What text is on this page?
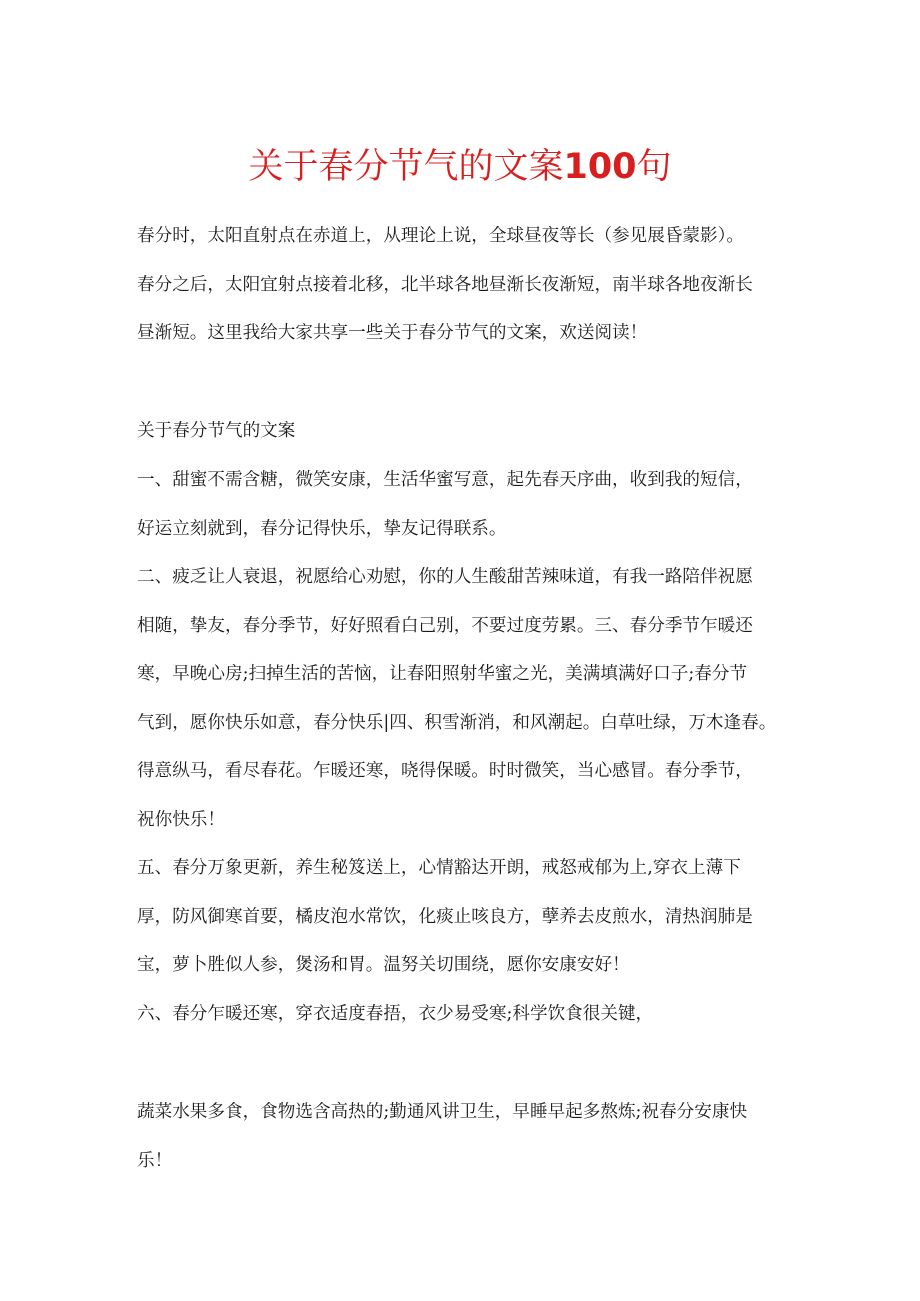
关于春分节气的文案100句
春分时，太阳直射点在赤道上，从理论上说，全球昼夜等长（参见展昏蒙影）。
春分之后，太阳宜射点接着北移，北半球各地昼渐长夜渐短，南半球各地夜渐长
昼渐短。这里我给大家共享一些关于春分节气的文案，欢送阅读！
关于春分节气的文案
一、甜蜜不需含糖，微笑安康，生活华蜜写意，起先春天序曲，收到我的短信，
好运立刻就到，春分记得快乐，挚友记得联系。
二、疲乏让人衰退，祝愿给心劝慰，你的人生酸甜苦辣味道，有我一路陪伴祝愿
相随，挚友，春分季节，好好照看白己别，不要过度劳累。三、春分季节乍暖还
寒，早晚心房;扫掉生活的苦恼，让春阳照射华蜜之光，美满填满好口子;春分节
气到，愿你快乐如意，春分快乐|四、积雪渐消，和风潮起。白草吐绿，万木逢春。
得意纵马，看尽春花。乍暖还寒，哓得保暖。时时微笑，当心感冒。春分季节，
祝你快乐！
五、春分万象更新，养生秘笈送上，心情豁达开朗，戒怒戒郁为上,穿衣上薄下
厚，防风御寒首要，橘皮泡水常饮，化痰止咳良方，孽养去皮煎水，清热润肺是
宝，萝卜胜似人参，煲汤和胃。温努关切围绕，愿你安康安好！
六、春分乍暖还寒，穿衣适度春捂，衣少易受寒;科学饮食很关键，
蔬菜水果多食，食物选含高热的;勤通风讲卫生，早睡早起多熬炼;祝春分安康快
乐！
